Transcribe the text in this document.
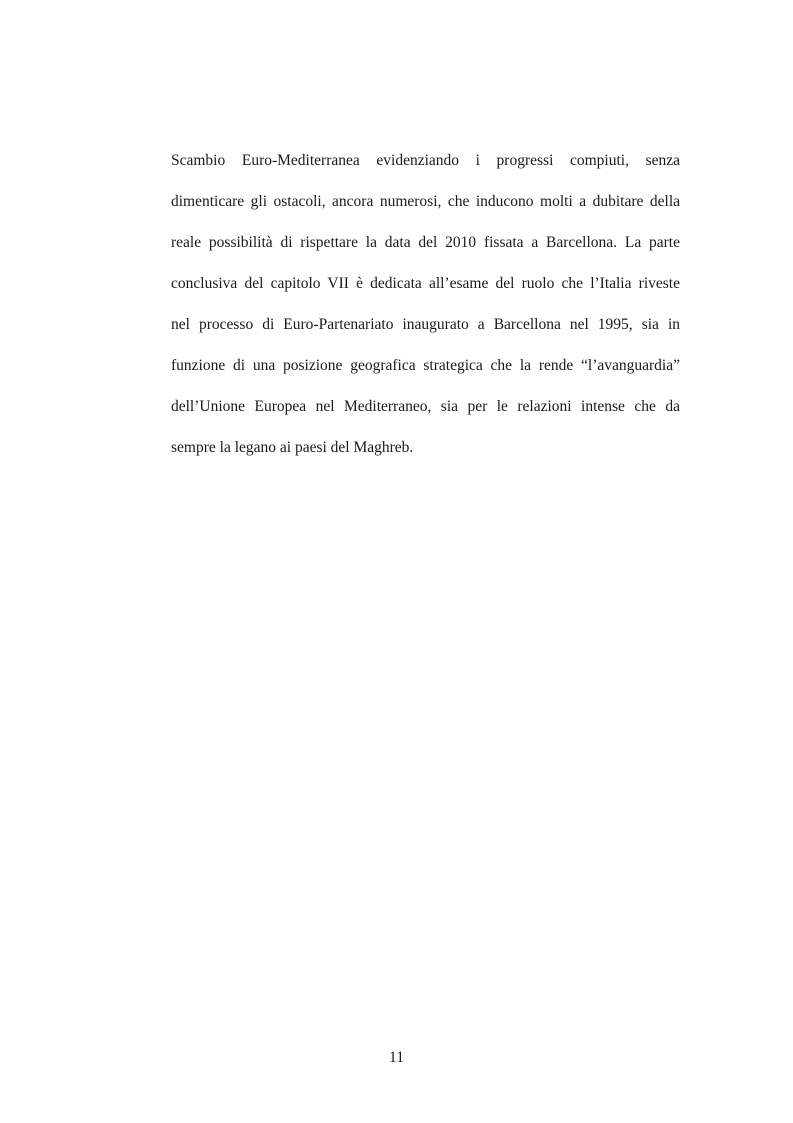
Scambio Euro-Mediterranea evidenziando i progressi compiuti, senza
dimenticare gli ostacoli, ancora numerosi, che inducono molti a dubitare della
reale possibilità di rispettare la data del 2010 fissata a Barcellona. La parte
conclusiva del capitolo VII è dedicata all’esame del ruolo che l’Italia riveste
nel processo di Euro-Partenariato inaugurato a Barcellona nel 1995, sia in
funzione di una posizione geografica strategica che la rende “l’avanguardia”
dell’Unione Europea nel Mediterraneo, sia per le relazioni intense che da
sempre la legano ai paesi del Maghreb.
11
